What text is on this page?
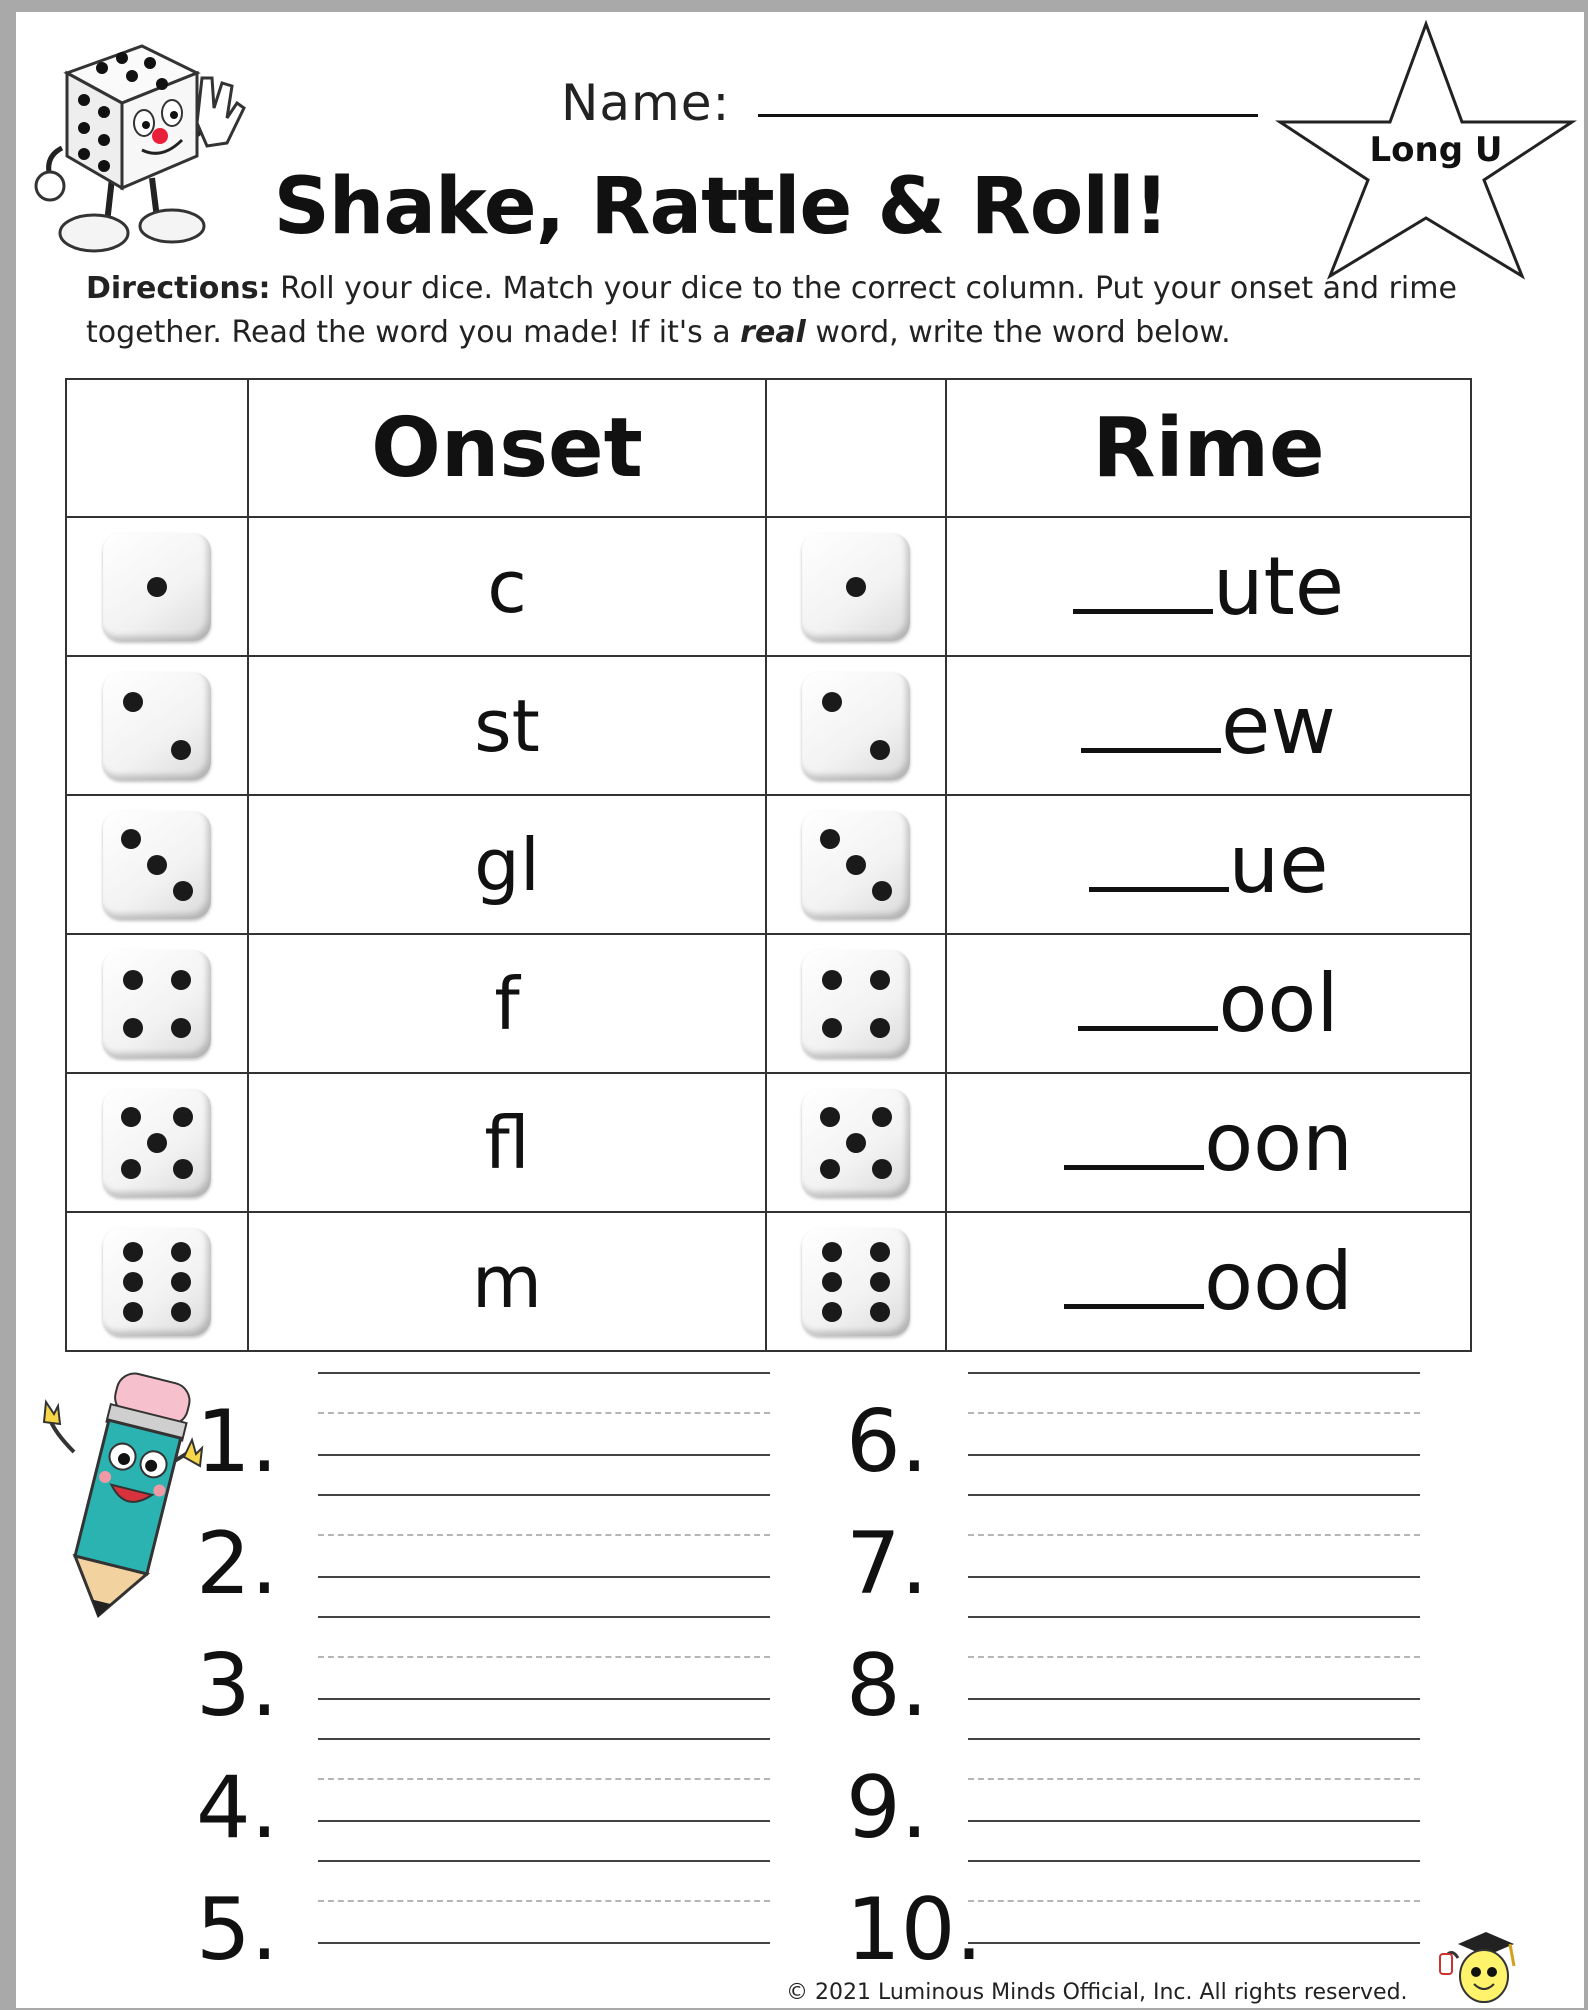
Name:
Shake, Rattle & Roll!
Long U
Directions: Roll your dice. Match your dice to the correct column. Put your onset and rime together. Read the word you made! If it's a real word, write the word below.
	Onset		Rime

	c		ute

	st		ew

	gl		ue

	f		ool

	fl		oon

	m		ood
1.
2.
3.
4.
5.
6.
7.
8.
9.
10.
© 2021 Luminous Minds Official, Inc. All rights reserved.
